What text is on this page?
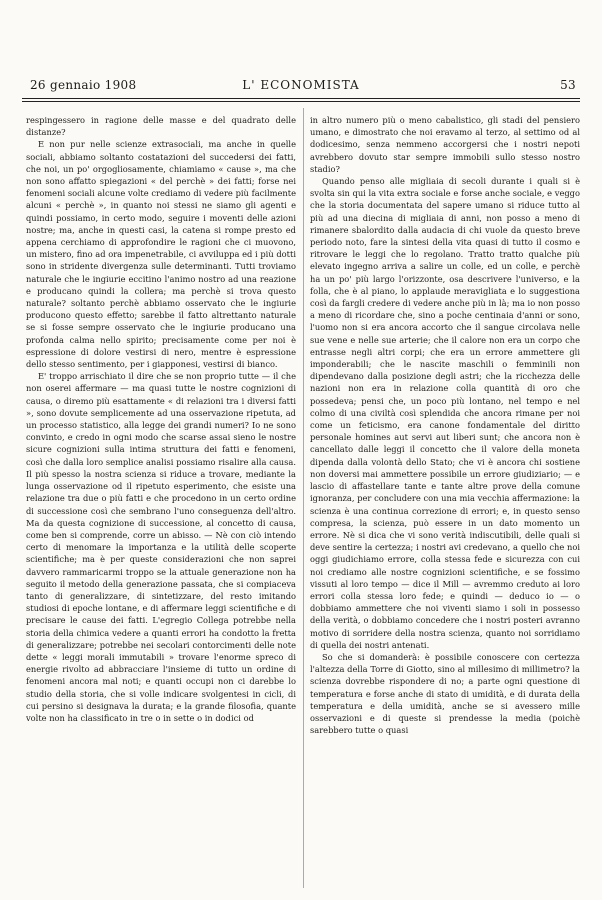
26 gennaio 1908	L' ECONOMISTA	53

respingessero in ragione delle masse e del quadrato delle distanze?

E non pur nelle scienze extrasociali, ma anche in quelle sociali, abbiamo soltanto costatazioni del succedersi dei fatti, che noi, un po' orgogliosamente, chiamiamo « cause », ma che non sono affatto spiegazioni « del perchè » dei fatti; forse nei fenomeni sociali alcune volte crediamo di vedere più facilmente alcuni « perchè », in quanto noi stessi ne siamo gli agenti e quindi possiamo, in certo modo, seguire i moventi delle azioni nostre; ma, anche in questi casi, la catena si rompe presto ed appena cerchiamo di approfondire le ragioni che ci muovono, un mistero, fino ad ora impenetrabile, ci avviluppa ed i più dotti sono in stridente divergenza sulle determinanti. Tutti troviamo naturale che le ingiurie eccitino l'animo nostro ad una reazione e producano quindi la collera; ma perchè si trova questo naturale? soltanto perchè abbiamo osservato che le ingiurie producono questo effetto; sarebbe il fatto altrettanto naturale se si fosse sempre osservato che le ingiurie producano una profonda calma nello spirito; precisamente come per noi è espressione di dolore vestirsi di nero, mentre è espressione dello stesso sentimento, per i giapponesi, vestirsi di bianco.

E' troppo arrischiato il dire che se non proprio tutte — il che non oserei affermare — ma quasi tutte le nostre cognizioni di causa, o diremo più esattamente « di relazioni tra i diversi fatti », sono dovute semplicemente ad una osservazione ripetuta, ad un processo statistico, alla legge dei grandi numeri? Io ne sono convinto, e credo in ogni modo che scarse assai sieno le nostre sicure cognizioni sulla intima struttura dei fatti e fenomeni, così che dalla loro semplice analisi possiamo risalire alla causa. Il più spesso la nostra scienza si riduce a trovare, mediante la lunga osservazione od il ripetuto esperimento, che esiste una relazione tra due o più fatti e che procedono in un certo ordine di successione così che sembrano l'uno conseguenza dell'altro. Ma da questa cognizione di successione, al concetto di causa, come ben si comprende, corre un abisso. — Nè con ciò intendo certo di menomare la importanza e la utilità delle scoperte scientifiche; ma è per queste considerazioni che non saprei davvero rammaricarmi troppo se la attuale generazione non ha seguito il metodo della generazione passata, che si compiaceva tanto di generalizzare, di sintetizzare, del resto imitando studiosi di epoche lontane, e di affermare leggi scientifiche e di precisare le cause dei fatti. L'egregio Collega potrebbe nella storia della chimica vedere a quanti errori ha condotto la fretta di generalizzare; potrebbe nei secolari contorcimenti delle note dette « leggi morali immutabili » trovare l'enorme spreco di energie rivolto ad abbracciare l'insieme di tutto un ordine di fenomeni ancora mal noti; e quanti occupi non ci darebbe lo studio della storia, che si volle indicare svolgentesi in cicli, di cui persino si designava la durata; e la grande filosofia, quante volte non ha classificato in tre o in sette o in dodici od

in altro numero più o meno cabalistico, gli stadi del pensiero umano, e dimostrato che noi eravamo al terzo, al settimo od al dodicesimo, senza nemmeno accorgersi che i nostri nepoti avrebbero dovuto star sempre immobili sullo stesso nostro stadio?

Quando penso alle migliaia di secoli durante i quali si è svolta sin qui la vita extra sociale e forse anche sociale, e veggo che la storia documentata del sapere umano si riduce tutto al più ad una diecina di migliaia di anni, non posso a meno di rimanere sbalordito dalla audacia di chi vuole da questo breve periodo noto, fare la sintesi della vita quasi di tutto il cosmo e ritrovare le leggi che lo regolano. Tratto tratto qualche più elevato ingegno arriva a salire un colle, ed un colle, e perchè ha un po' più largo l'orizzonte, osa descrivere l'universo, e la folla, che è al piano, lo applaude meravigliata e lo suggestiona così da fargli credere di vedere anche più in là; ma io non posso a meno di ricordare che, sino a poche centinaia d'anni or sono, l'uomo non si era ancora accorto che il sangue circolava nelle sue vene e nelle sue arterie; che il calore non era un corpo che entrasse negli altri corpi; che era un errore ammettere gli imponderabili; che le nascite maschili o femminili non dipendevano dalla posizione degli astri; che la ricchezza delle nazioni non era in relazione colla quantità di oro che possedeva; pensi che, un poco più lontano, nel tempo e nel colmo di una civiltà così splendida che ancora rimane per noi come un feticismo, era canone fondamentale del diritto personale homines aut servi aut liberi sunt; che ancora non è cancellato dalle leggi il concetto che il valore della moneta dipenda dalla volontà dello Stato; che vi è ancora chi sostiene non doversi mai ammettere possibile un errore giudiziario; — e lascio di affastellare tante e tante altre prove della comune ignoranza, per concludere con una mia vecchia affermazione: la scienza è una continua correzione di errori; e, in questo senso compresa, la scienza, può essere in un dato momento un errore. Nè si dica che vi sono verità indiscutibili, delle quali si deve sentire la certezza; i nostri avi credevano, a quello che noi oggi giudichiamo errore, colla stessa fede e sicurezza con cui noi crediamo alle nostre cognizioni scientifiche, e se fossimo vissuti al loro tempo — dice il Mill — avremmo creduto ai loro errori colla stessa loro fede; e quindi — deduco io — o dobbiamo ammettere che noi viventi siamo i soli in possesso della verità, o dobbiamo concedere che i nostri posteri avranno motivo di sorridere della nostra scienza, quanto noi sorridiamo di quella dei nostri antenati.

So che si domanderà: è possibile conoscere con certezza l'altezza della Torre di Giotto, sino al millesimo di millimetro? la scienza dovrebbe rispondere di no; a parte ogni questione di temperatura e forse anche di stato di umidità, e di durata della temperatura e della umidità, anche se si avessero mille osservazioni e di queste si prendesse la media (poichè sarebbero tutte o quasi
